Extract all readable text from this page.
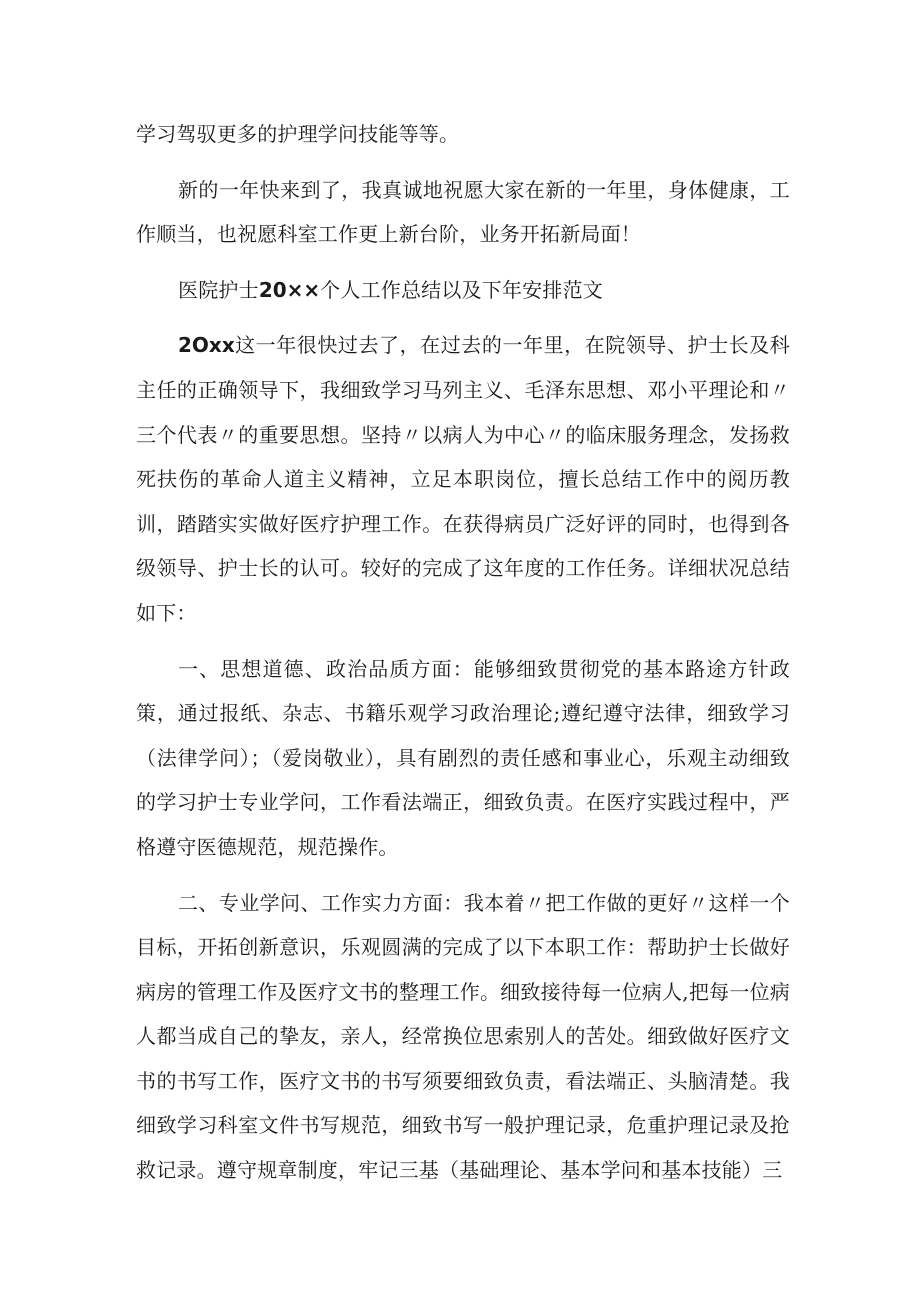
学习驾驭更多的护理学问技能等等。

新的一年快来到了，我真诚地祝愿大家在新的一年里，身体健康，工作顺当，也祝愿科室工作更上新台阶，业务开拓新局面！

医院护士20××个人工作总结以及下年安排范文

2Oxx这一年很快过去了，在过去的一年里，在院领导、护士长及科主任的正确领导下，我细致学习马列主义、毛泽东思想、邓小平理论和〃三个代表〃的重要思想。坚持〃以病人为中心〃的临床服务理念，发扬救死扶伤的革命人道主义精神，立足本职岗位，擅长总结工作中的阅历教训，踏踏实实做好医疗护理工作。在获得病员广泛好评的同时，也得到各级领导、护士长的认可。较好的完成了这年度的工作任务。详细状况总结如下：

一、思想道德、政治品质方面：能够细致贯彻党的基本路途方针政策，通过报纸、杂志、书籍乐观学习政治理论;遵纪遵守法律，细致学习（法律学问）；（爱岗敬业），具有剧烈的责任感和事业心，乐观主动细致的学习护士专业学问，工作看法端正，细致负责。在医疗实践过程中，严格遵守医德规范，规范操作。

二、专业学问、工作实力方面：我本着〃把工作做的更好〃这样一个目标，开拓创新意识，乐观圆满的完成了以下本职工作：帮助护士长做好病房的管理工作及医疗文书的整理工作。细致接待每一位病人,把每一位病人都当成自己的挚友，亲人，经常换位思索别人的苦处。细致做好医疗文书的书写工作，医疗文书的书写须要细致负责，看法端正、头脑清楚。我细致学习科室文件书写规范，细致书写一般护理记录，危重护理记录及抢救记录。遵守规章制度，牢记三基（基础理论、基本学问和基本技能）三
